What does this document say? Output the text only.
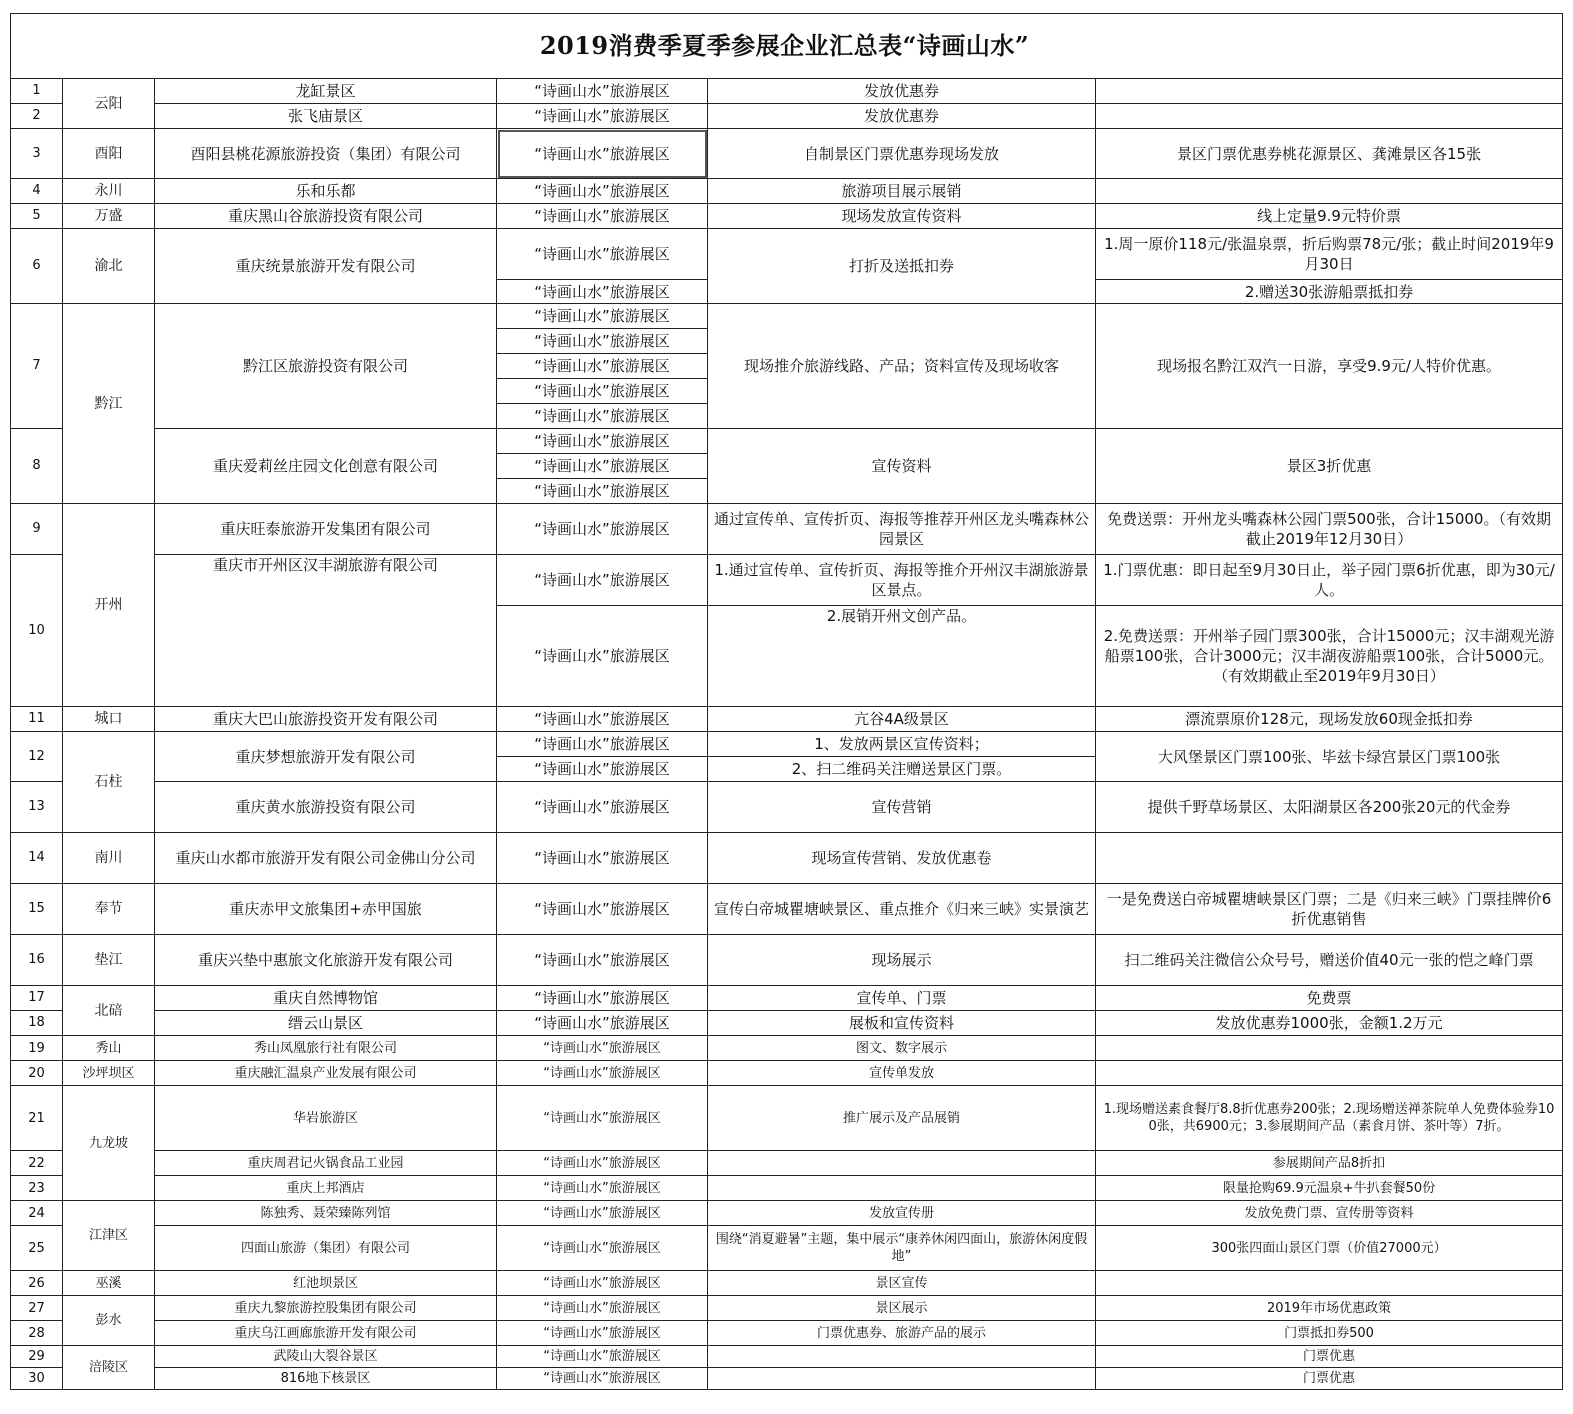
2019消费季夏季参展企业汇总表“诗画山水”					
1	云阳	龙缸景区	“诗画山水”旅游展区	发放优惠券	
2		张飞庙景区	“诗画山水”旅游展区	发放优惠券	
3	酉阳	酉阳县桃花源旅游投资（集团）有限公司	“诗画山水”旅游展区	自制景区门票优惠券现场发放	景区门票优惠券桃花源景区、龚滩景区各15张
4	永川	乐和乐都	“诗画山水”旅游展区	旅游项目展示展销	
5	万盛	重庆黑山谷旅游投资有限公司	“诗画山水”旅游展区	现场发放宣传资料	线上定量9.9元特价票
6	渝北	重庆统景旅游开发有限公司	“诗画山水”旅游展区	打折及送抵扣券	1.周一原价118元/张温泉票，折后购票78元/张；截止时间2019年9月30日
			“诗画山水”旅游展区		2.赠送30张游船票抵扣券
7	黔江	黔江区旅游投资有限公司	“诗画山水”旅游展区	现场推介旅游线路、产品；资料宣传及现场收客	现场报名黔江双汽一日游，享受9.9元/人特价优惠。
			“诗画山水”旅游展区		
			“诗画山水”旅游展区		
			“诗画山水”旅游展区		
			“诗画山水”旅游展区		
8		重庆爱莉丝庄园文化创意有限公司	“诗画山水”旅游展区	宣传资料	景区3折优惠
			“诗画山水”旅游展区		
			“诗画山水”旅游展区		
9	开州	重庆旺泰旅游开发集团有限公司	“诗画山水”旅游展区	通过宣传单、宣传折页、海报等推荐开州区龙头嘴森林公园景区	免费送票：开州龙头嘴森林公园门票500张，合计15000。（有效期截止2019年12月30日）
10		重庆市开州区汉丰湖旅游有限公司	“诗画山水”旅游展区	1.通过宣传单、宣传折页、海报等推介开州汉丰湖旅游景区景点。	1.门票优惠：即日起至9月30日止，举子园门票6折优惠，即为30元/人。
			“诗画山水”旅游展区	2.展销开州文创产品。	2.免费送票：开州举子园门票300张，合计15000元；汉丰湖观光游船票100张，合计3000元；汉丰湖夜游船票100张，合计5000元。（有效期截止至2019年9月30日）
11	城口	重庆大巴山旅游投资开发有限公司	“诗画山水”旅游展区	亢谷4A级景区	漂流票原价128元，现场发放60现金抵扣券
12	石柱	重庆梦想旅游开发有限公司	“诗画山水”旅游展区	1、发放两景区宣传资料；	大风堡景区门票100张、毕兹卡绿宫景区门票100张
			“诗画山水”旅游展区	2、扫二维码关注赠送景区门票。	
13		重庆黄水旅游投资有限公司	“诗画山水”旅游展区	宣传营销	提供千野草场景区、太阳湖景区各200张20元的代金券
14	南川	重庆山水都市旅游开发有限公司金佛山分公司	“诗画山水”旅游展区	现场宣传营销、发放优惠卷	
15	奉节	重庆赤甲文旅集团+赤甲国旅	“诗画山水”旅游展区	宣传白帝城瞿塘峡景区、重点推介《归来三峡》实景演艺	一是免费送白帝城瞿塘峡景区门票；二是《归来三峡》门票挂牌价6折优惠销售
16	垫江	重庆兴垫中惠旅文化旅游开发有限公司	“诗画山水”旅游展区	现场展示	扫二维码关注微信公众号号，赠送价值40元一张的恺之峰门票
17	北碚	重庆自然博物馆	“诗画山水”旅游展区	宣传单、门票	免费票
18		缙云山景区	“诗画山水”旅游展区	展板和宣传资料	发放优惠券1000张，金额1.2万元
19	秀山	秀山凤凰旅行社有限公司	“诗画山水”旅游展区	图文、数字展示	
20	沙坪坝区	重庆融汇温泉产业发展有限公司	“诗画山水”旅游展区	宣传单发放	
21	九龙坡	华岩旅游区	“诗画山水”旅游展区	推广展示及产品展销	1.现场赠送素食餐厅8.8折优惠券200张；2.现场赠送禅茶院单人免费体验券100张，共6900元；3.参展期间产品（素食月饼、茶叶等）7折。
22		重庆周君记火锅食品工业园	“诗画山水”旅游展区		参展期间产品8折扣
23		重庆上邦酒店	“诗画山水”旅游展区		限量抢购69.9元温泉+牛扒套餐50份
24	江津区	陈独秀、聂荣臻陈列馆	“诗画山水”旅游展区	发放宣传册	发放免费门票、宣传册等资料
25		四面山旅游（集团）有限公司	“诗画山水”旅游展区	围绕“消夏避暑”主题，集中展示“康养休闲四面山，旅游休闲度假地”	300张四面山景区门票（价值27000元）
26	巫溪	红池坝景区	“诗画山水”旅游展区	景区宣传	
27	彭水	重庆九黎旅游控股集团有限公司	“诗画山水”旅游展区	景区展示	2019年市场优惠政策
28		重庆乌江画廊旅游开发有限公司	“诗画山水”旅游展区	门票优惠券、旅游产品的展示	门票抵扣券500
29	涪陵区	武陵山大裂谷景区	“诗画山水”旅游展区		门票优惠
30		816地下核景区	“诗画山水”旅游展区		门票优惠
